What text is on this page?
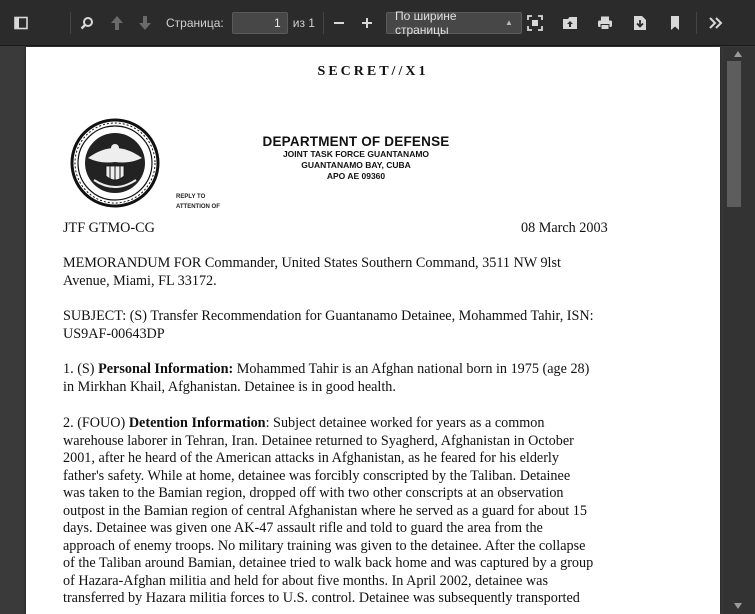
Страница:
1	из 1	По ширине страницы	▲

SECRET//X1
DEPARTMENT OF DEFENSE
JOINT TASK FORCE GUANTANAMO
GUANTANAMO BAY, CUBA
APO AE 09360
REPLY TO
ATTENTION OF
JTF GTMO-CG	08 March 2003
MEMORANDUM FOR Commander, United States Southern Command, 3511 NW 9lst
Avenue, Miami, FL 33172.
SUBJECT: (S) Transfer Recommendation for Guantanamo Detainee, Mohammed Tahir, ISN:
US9AF-00643DP
1. (S) Personal Information: Mohammed Tahir is an Afghan national born in 1975 (age 28)
in Mirkhan Khail, Afghanistan. Detainee is in good health.
2. (FOUO) Detention Information: Subject detainee worked for years as a common
warehouse laborer in Tehran, Iran. Detainee returned to Syagherd, Afghanistan in October
2001, after he heard of the American attacks in Afghanistan, as he feared for his elderly
father's safety. While at home, detainee was forcibly conscripted by the Taliban. Detainee
was taken to the Bamian region, dropped off with two other conscripts at an observation
outpost in the Bamian region of central Afghanistan where he served as a guard for about 15
days. Detainee was given one AK-47 assault rifle and told to guard the area from the
approach of enemy troops. No military training was given to the detainee. After the collapse
of the Taliban around Bamian, detainee tried to walk back home and was captured by a group
of Hazara-Afghan militia and held for about five months. In April 2002, detainee was
transferred by Hazara militia forces to U.S. control. Detainee was subsequently transported
